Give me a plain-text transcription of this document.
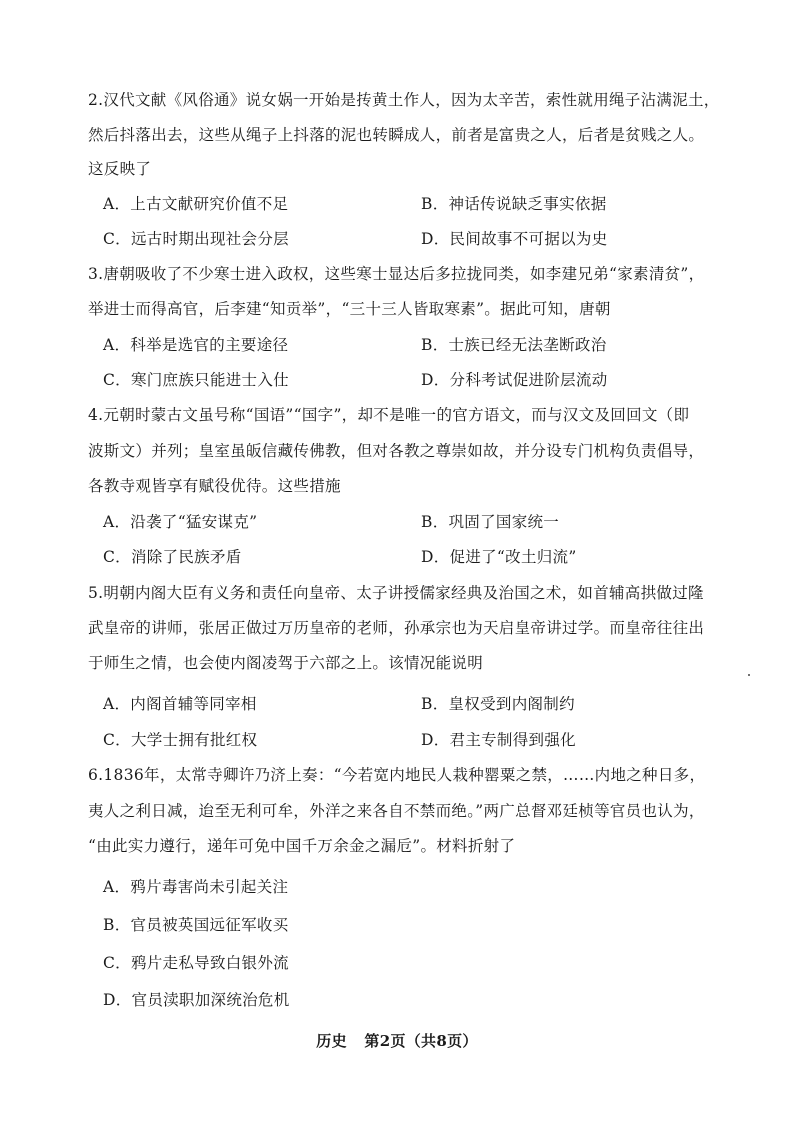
2.汉代文献《风俗通》说女娲一开始是抟黄土作人，因为太辛苦，索性就用绳子沾满泥土，
然后抖落出去，这些从绳子上抖落的泥也转瞬成人，前者是富贵之人，后者是贫贱之人。
这反映了
A．上古文献研究价值不足	B．神话传说缺乏事实依据
C．远古时期出现社会分层	D．民间故事不可据以为史
3.唐朝吸收了不少寒士进入政权，这些寒士显达后多拉拢同类，如李建兄弟“家素清贫”，
举进士而得高官，后李建“知贡举”，“三十三人皆取寒素”。据此可知，唐朝
A．科举是选官的主要途径	B．士族已经无法垄断政治
C．寒门庶族只能进士入仕	D．分科考试促进阶层流动
4.元朝时蒙古文虽号称“国语”“国字”，却不是唯一的官方语文，而与汉文及回回文（即
波斯文）并列；皇室虽皈信藏传佛教，但对各教之尊崇如故，并分设专门机构负责倡导，
各教寺观皆享有赋役优待。这些措施
A．沿袭了“猛安谋克”	B．巩固了国家统一
C．消除了民族矛盾	D．促进了“改土归流”
5.明朝内阁大臣有义务和责任向皇帝、太子讲授儒家经典及治国之术，如首辅高拱做过隆
武皇帝的讲师，张居正做过万历皇帝的老师，孙承宗也为天启皇帝讲过学。而皇帝往往出
于师生之情，也会使内阁凌驾于六部之上。该情况能说明
A．内阁首辅等同宰相	B．皇权受到内阁制约
C．大学士拥有批红权	D．君主专制得到强化
6.1836年，太常寺卿许乃济上奏：“今若宽内地民人栽种罂粟之禁，……内地之种日多，
夷人之利日减，迨至无利可牟，外洋之来各自不禁而绝。”两广总督邓廷桢等官员也认为，
“由此实力遵行，递年可免中国千万余金之漏卮”。材料折射了
A．鸦片毒害尚未引起关注
B．官员被英国远征军收买
C．鸦片走私导致白银外流
D．官员渎职加深统治危机
历史 第2页（共8页）
